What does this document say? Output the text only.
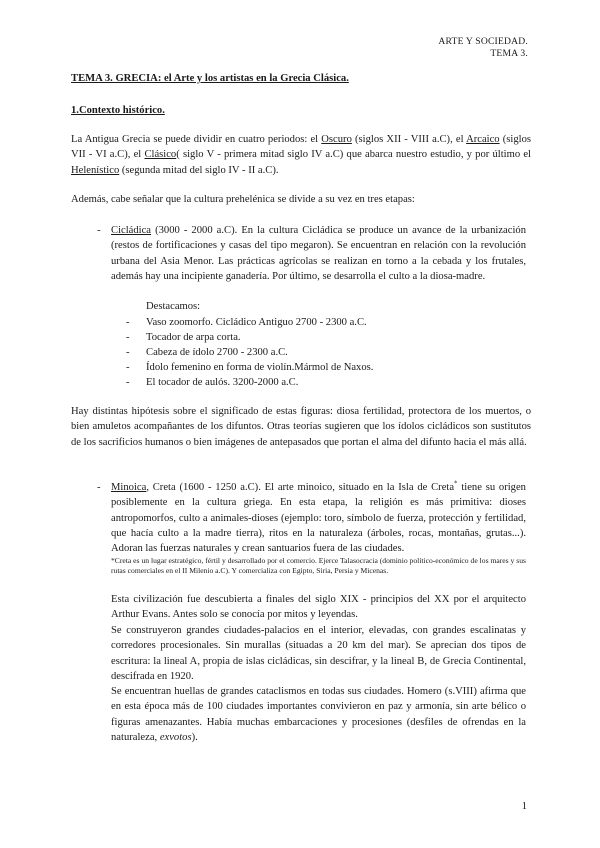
ARTE Y SOCIEDAD.
TEMA 3.

TEMA 3. GRECIA: el Arte y los artistas en la Grecia Clásica.

1.Contexto histórico.

La Antigua Grecia se puede dividir en cuatro periodos: el Oscuro (siglos XII - VIII a.C), el Arcaico (siglos VII - VI a.C), el Clásico( siglo V - primera mitad siglo IV a.C) que abarca nuestro estudio, y por último el Helenístico (segunda mitad del siglo IV - II a.C).

Además, cabe señalar que la cultura prehelénica se divide a su vez en tres etapas:

- Cicládica (3000 - 2000 a.C). En la cultura Cicládica se produce un avance de la urbanización (restos de fortificaciones y casas del tipo megaron). Se encuentran en relación con la revolución urbana del Asia Menor. Las prácticas agrícolas se realizan en torno a la cebada y los frutales, además hay una incipiente ganadería. Por último, se desarrolla el culto a la diosa-madre.

Destacamos:

- Vaso zoomorfo. Cicládico Antiguo 2700 - 2300 a.C.
- Tocador de arpa corta.
- Cabeza de ídolo 2700 - 2300 a.C.
- Ídolo femenino en forma de violín.Mármol de Naxos.
- El tocador de aulós. 3200-2000 a.C.

Hay distintas hipótesis sobre el significado de estas figuras: diosa fertilidad, protectora de los muertos, o bien amuletos acompañantes de los difuntos. Otras teorías sugieren que los ídolos cicládicos son sustitutos de los sacrificios humanos o bien imágenes de antepasados que portan el alma del difunto hacia el más allá.

- Minoica, Creta (1600 - 1250 a.C). El arte minoico, situado en la Isla de Creta* tiene su origen posiblemente en la cultura griega. En esta etapa, la religión es más primitiva: dioses antropomorfos, culto a animales-dioses (ejemplo: toro, símbolo de fuerza, protección y fertilidad, que hacía culto a la madre tierra), ritos en la naturaleza (árboles, rocas, montañas, grutas...). Adoran las fuerzas naturales y crean santuarios fuera de las ciudades.

*Creta es un lugar estratégico, fértil y desarrollado por el comercio. Ejerce Talasocracia (dominio político-económico de los mares y sus rutas comerciales en el II Milenio a.C). Y comercializa con Egipto, Siria, Persia y Micenas.

Esta civilización fue descubierta a finales del siglo XIX - principios del XX por el arquitecto Arthur Evans. Antes solo se conocía por mitos y leyendas.

Se construyeron grandes ciudades-palacios en el interior, elevadas, con grandes escalinatas y corredores procesionales. Sin murallas (situadas a 20 km del mar). Se aprecian dos tipos de escritura: la lineal A, propia de islas cicládicas, sin descifrar, y la lineal B, de Grecia Continental, descifrada en 1920.

Se encuentran huellas de grandes cataclismos en todas sus ciudades. Homero (s.VIII) afirma que en esta época más de 100 ciudades importantes convivieron en paz y armonía, sin arte bélico o figuras amenazantes. Había muchas embarcaciones y procesiones (desfiles de ofrendas en la naturaleza, exvotos).

1
